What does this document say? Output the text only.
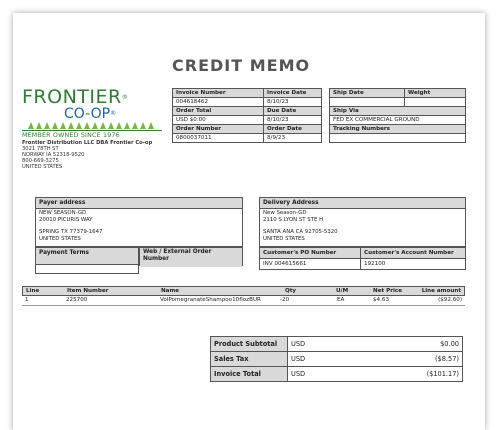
CREDIT MEMO
FRONTIER®
CO-OP®
MEMBER OWNED SINCE 1976
Frontier Distribution LLC DBA Frontier Co-op
3021 78TH ST
NORWAY IA 52318-9520
800-669-3275
UNITED STATES
Invoice Number	Invoice Date
004618462	8/10/23
Order Total	Due Date
USD $0.00	8/10/23
Order Number	Order Date
0800037011	8/9/23
Ship Date	Weight

Ship Via	
FED EX COMMERCIAL GROUND	
Tracking Numbers	

Payer address
NEW SEASON-GD
20010 PICURIS WAY
SPRING TX 77379-1647
UNITED STATES
Payment Terms	Web / External Order Number
Delivery Address
New Season-GD
2110 S LYON ST STE H
SANTA ANA CA 92705-5320
UNITED STATES
Customer's PO Number	Customer's Account Number
INV 004615661	192100
Line	Item Number	Name	Qty	U/M	Net Price	Line amount
1	225700	VolPomegranateShampoo10flozBUR	-20	EA	$4.63	($92.60)
Product Subtotal	USD $0.00

Sales Tax	USD ($8.57)

Invoice Total	USD ($101.17)
